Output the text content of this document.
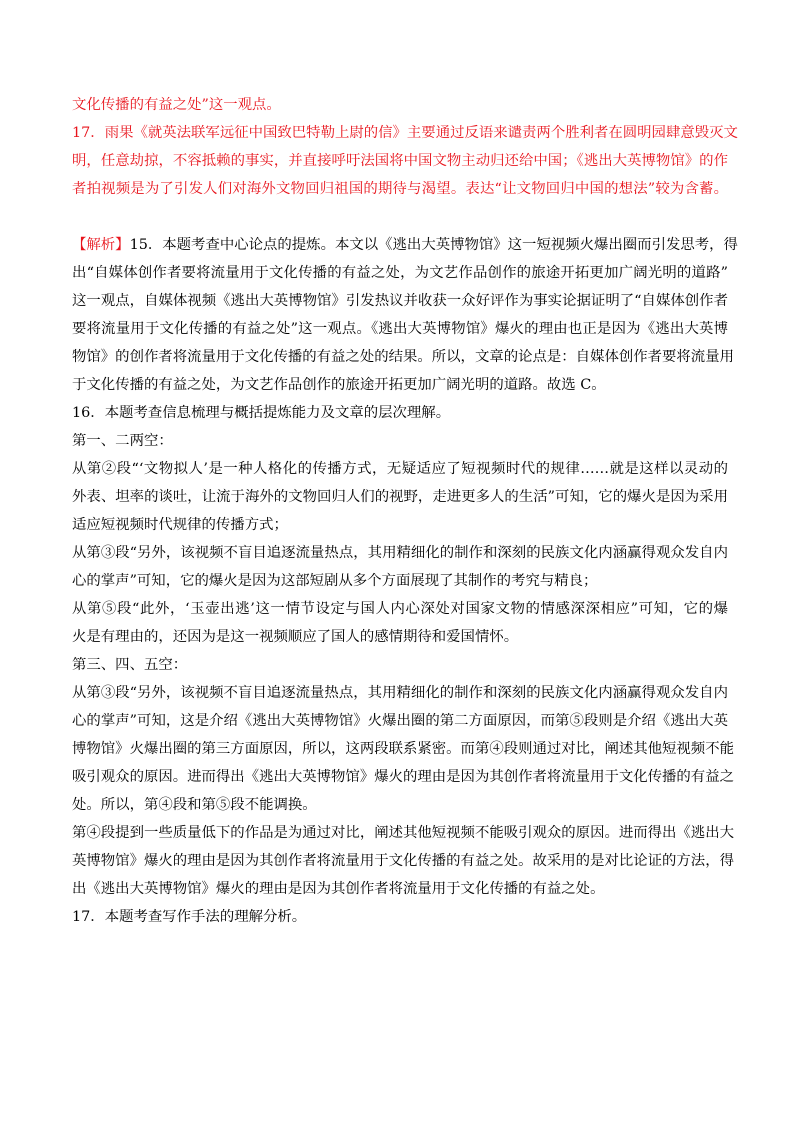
文化传播的有益之处”这一观点。
17．雨果《就英法联军远征中国致巴特勒上尉的信》主要通过反语来谴责两个胜利者在圆明园肆意毁灭文
明，任意劫掠，不容抵赖的事实，并直接呼吁法国将中国文物主动归还给中国；《逃出大英博物馆》的作
者拍视频是为了引发人们对海外文物回归祖国的期待与渴望。表达“让文物回归中国的想法”较为含蓄。
【解析】15．本题考查中心论点的提炼。本文以《逃出大英博物馆》这一短视频火爆出圈而引发思考，得
出“自媒体创作者要将流量用于文化传播的有益之处，为文艺作品创作的旅途开拓更加广阔光明的道路”
这一观点，自媒体视频《逃出大英博物馆》引发热议并收获一众好评作为事实论据证明了“自媒体创作者
要将流量用于文化传播的有益之处”这一观点。《逃出大英博物馆》爆火的理由也正是因为《逃出大英博
物馆》的创作者将流量用于文化传播的有益之处的结果。所以，文章的论点是：自媒体创作者要将流量用
于文化传播的有益之处，为文艺作品创作的旅途开拓更加广阔光明的道路。故选 C。
16．本题考查信息梳理与概括提炼能力及文章的层次理解。
第一、二两空：
从第②段“‘文物拟人’是一种人格化的传播方式，无疑适应了短视频时代的规律……就是这样以灵动的
外表、坦率的谈吐，让流于海外的文物回归人们的视野，走进更多人的生活”可知，它的爆火是因为采用
适应短视频时代规律的传播方式；
从第③段“另外，该视频不盲目追逐流量热点，其用精细化的制作和深刻的民族文化内涵赢得观众发自内
心的掌声”可知，它的爆火是因为这部短剧从多个方面展现了其制作的考究与精良；
从第⑤段“此外，‘玉壶出逃’这一情节设定与国人内心深处对国家文物的情感深深相应”可知，它的爆
火是有理由的，还因为是这一视频顺应了国人的感情期待和爱国情怀。
第三、四、五空：
从第③段“另外，该视频不盲目追逐流量热点，其用精细化的制作和深刻的民族文化内涵赢得观众发自内
心的掌声”可知，这是介绍《逃出大英博物馆》火爆出圈的第二方面原因，而第⑤段则是介绍《逃出大英
博物馆》火爆出圈的第三方面原因，所以，这两段联系紧密。而第④段则通过对比，阐述其他短视频不能
吸引观众的原因。进而得出《逃出大英博物馆》爆火的理由是因为其创作者将流量用于文化传播的有益之
处。所以，第④段和第⑤段不能调换。
第④段提到一些质量低下的作品是为通过对比，阐述其他短视频不能吸引观众的原因。进而得出《逃出大
英博物馆》爆火的理由是因为其创作者将流量用于文化传播的有益之处。故采用的是对比论证的方法，得
出《逃出大英博物馆》爆火的理由是因为其创作者将流量用于文化传播的有益之处。
17．本题考查写作手法的理解分析。
